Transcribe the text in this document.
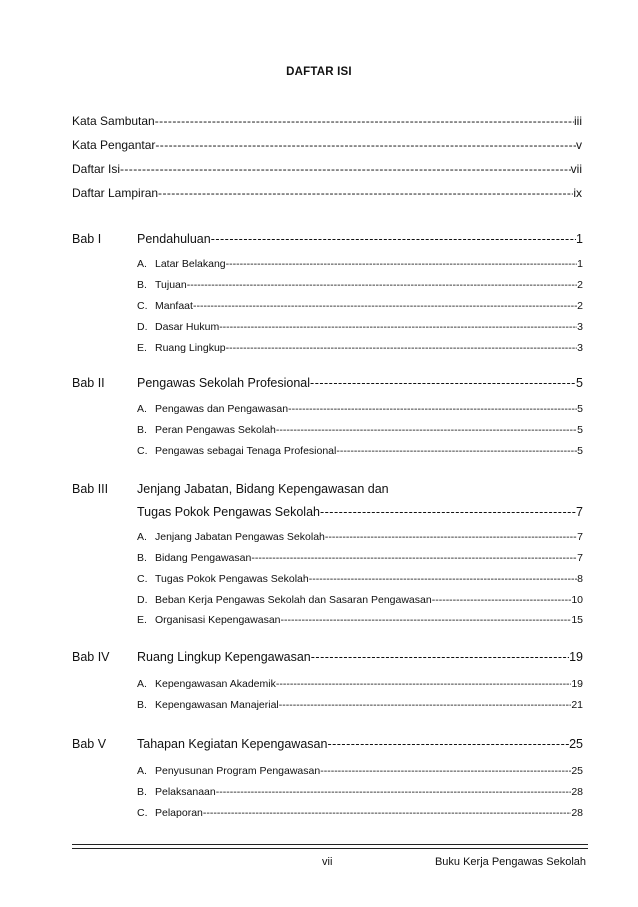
DAFTAR ISI
Kata Sambutan -----	iii
Kata Pengantar -----	v
Daftar Isi -----	vii
Daftar Lampiran -----	ix
Bab I	Pendahuluan -----	1
A. Latar Belakang -----	1
B. Tujuan -----	2
C. Manfaat -----	2
D. Dasar Hukum -----	3
E. Ruang Lingkup -----	3
Bab II	Pengawas Sekolah Profesional -----	5
A. Pengawas dan Pengawasan -----	5
B. Peran Pengawas Sekolah -----	5
C. Pengawas sebagai Tenaga Profesional -----	5
Bab III Jenjang Jabatan, Bidang Kepengawasan dan
Tugas Pokok Pengawas Sekolah -----	7
A. Jenjang Jabatan Pengawas Sekolah -----	7
B. Bidang Pengawasan -----	7
C. Tugas Pokok Pengawas Sekolah -----	8
D. Beban Kerja Pengawas Sekolah dan Sasaran Pengawasan -----	10
E. Organisasi Kepengawasan -----	15
Bab IV Ruang Lingkup Kepengawasan -----	19
A. Kepengawasan Akademik -----	19
B. Kepengawasan Manajerial -----	21
Bab V Tahapan Kegiatan Kepengawasan -----	25
A. Penyusunan Program Pengawasan -----	25
B. Pelaksanaan -----	28
C. Pelaporan -----	28
vii	Buku Kerja Pengawas Sekolah
